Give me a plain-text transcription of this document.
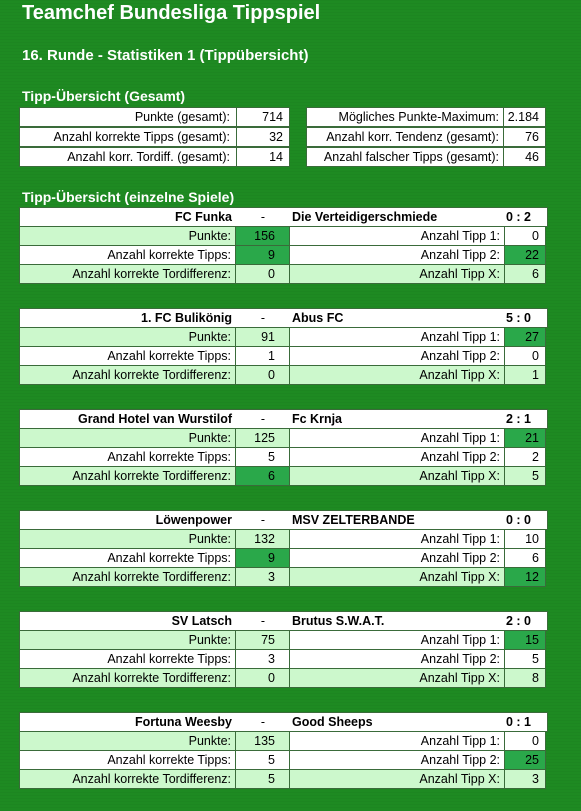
Teamchef Bundesliga Tippspiel
16. Runde - Statistiken 1 (Tippübersicht)
Tipp-Übersicht (Gesamt)
Punkte (gesamt):	714	Mögliches Punkte-Maximum: 2.184
Anzahl korrekte Tipps (gesamt):	32	Anzahl korr. Tendenz (gesamt):	76
Anzahl korr. Tordiff. (gesamt):	14	Anzahl falscher Tipps (gesamt):	46
Tipp-Übersicht (einzelne Spiele)
FC Funka	-	Die Verteidigerschmiede	0 : 2
Punkte:	156	Anzahl Tipp 1:	0
Anzahl korrekte Tipps:	9	Anzahl Tipp 2:	22
Anzahl korrekte Tordifferenz:	0	Anzahl Tipp X:	6
1. FC Bulikönig	-	Abus FC	5 : 0
Punkte:	91	Anzahl Tipp 1:	27
Anzahl korrekte Tipps:	1	Anzahl Tipp 2:	0
Anzahl korrekte Tordifferenz:	0	Anzahl Tipp X:	1
Grand Hotel van Wurstilof	-	Fc Krnja	2 : 1
Punkte:	125	Anzahl Tipp 1:	21
Anzahl korrekte Tipps:	5	Anzahl Tipp 2:	2
Anzahl korrekte Tordifferenz:	6	Anzahl Tipp X:	5
Löwenpower	-	MSV ZELTERBANDE	0 : 0
Punkte:	132	Anzahl Tipp 1:	10
Anzahl korrekte Tipps:	9	Anzahl Tipp 2:	6
Anzahl korrekte Tordifferenz:	3	Anzahl Tipp X:	12
SV Latsch	-	Brutus S.W.A.T.	2 : 0
Punkte:	75	Anzahl Tipp 1:	15
Anzahl korrekte Tipps:	3	Anzahl Tipp 2:	5
Anzahl korrekte Tordifferenz:	0	Anzahl Tipp X:	8
Fortuna Weesby	-	Good Sheeps	0 : 1
Punkte:	135	Anzahl Tipp 1:	0
Anzahl korrekte Tipps:	5	Anzahl Tipp 2:	25
Anzahl korrekte Tordifferenz:	5	Anzahl Tipp X:	3
